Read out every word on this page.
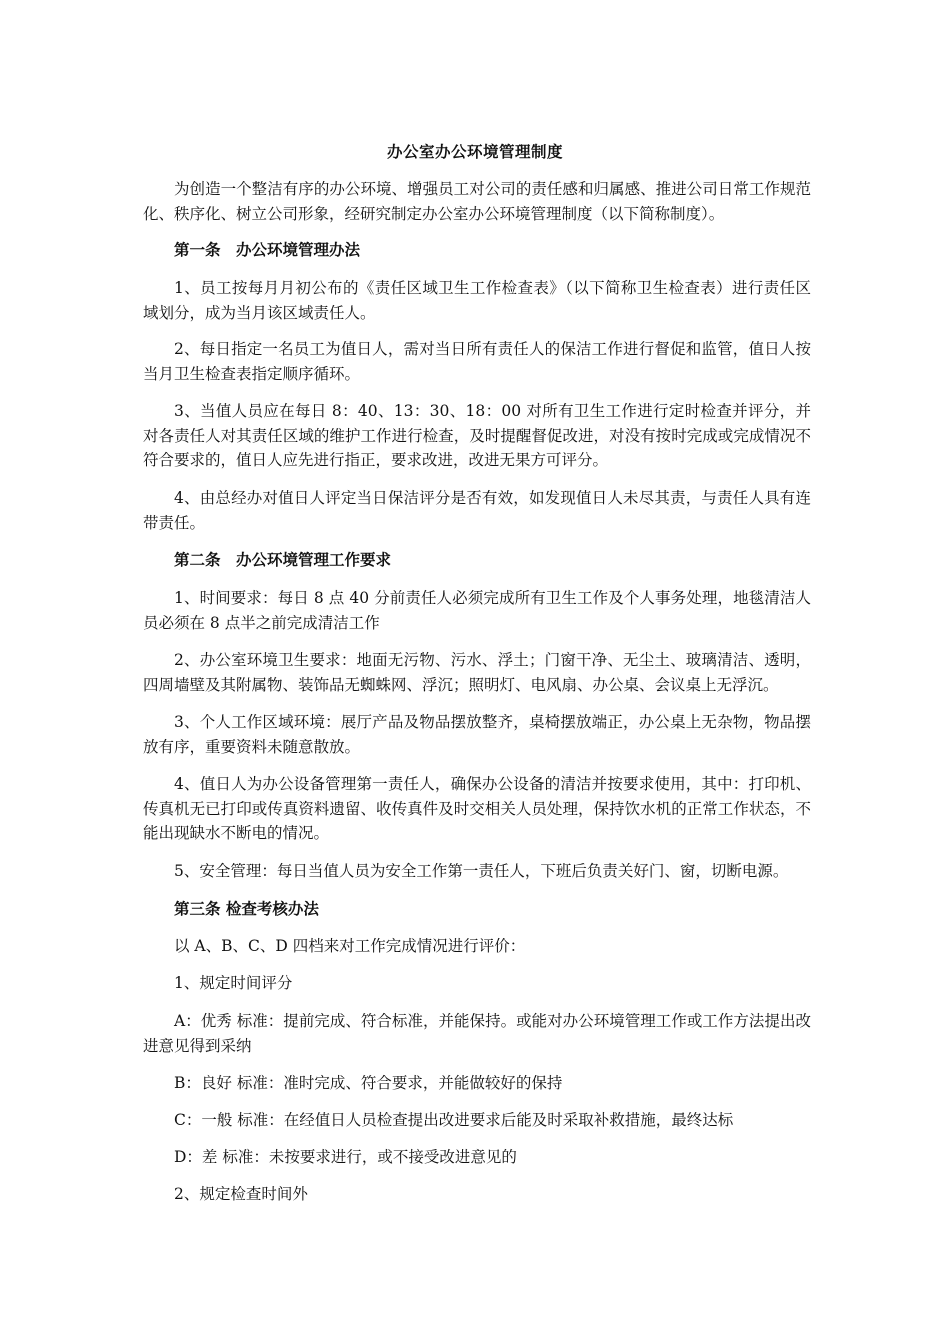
办公室办公环境管理制度

为创造一个整洁有序的办公环境、增强员工对公司的责任感和归属感、推进公司日常工作规范化、秩序化、树立公司形象，经研究制定办公室办公环境管理制度（以下简称制度）。

第一条　办公环境管理办法

1、员工按每月月初公布的《责任区域卫生工作检查表》（以下简称卫生检查表）进行责任区域划分，成为当月该区域责任人。

2、每日指定一名员工为值日人，需对当日所有责任人的保洁工作进行督促和监管，值日人按当月卫生检查表指定顺序循环。

3、当值人员应在每日 8：40、13：30、18：00 对所有卫生工作进行定时检查并评分，并对各责任人对其责任区域的维护工作进行检查，及时提醒督促改进，对没有按时完成或完成情况不符合要求的，值日人应先进行指正，要求改进，改进无果方可评分。

4、由总经办对值日人评定当日保洁评分是否有效，如发现值日人未尽其责，与责任人具有连带责任。

第二条　办公环境管理工作要求

1、时间要求：每日 8 点 40 分前责任人必须完成所有卫生工作及个人事务处理，地毯清洁人员必须在 8 点半之前完成清洁工作

2、办公室环境卫生要求：地面无污物、污水、浮土；门窗干净、无尘土、玻璃清洁、透明，四周墙壁及其附属物、装饰品无蜘蛛网、浮沉；照明灯、电风扇、办公桌、会议桌上无浮沉。

3、个人工作区域环境：展厅产品及物品摆放整齐，桌椅摆放端正，办公桌上无杂物，物品摆放有序，重要资料未随意散放。

4、值日人为办公设备管理第一责任人，确保办公设备的清洁并按要求使用，其中：打印机、传真机无已打印或传真资料遗留、收传真件及时交相关人员处理，保持饮水机的正常工作状态，不能出现缺水不断电的情况。

5、安全管理：每日当值人员为安全工作第一责任人，下班后负责关好门、窗，切断电源。

第三条 检查考核办法

以 A、B、C、D 四档来对工作完成情况进行评价：

1、规定时间评分

A：优秀 标准：提前完成、符合标准，并能保持。或能对办公环境管理工作或工作方法提出改进意见得到采纳

B：良好 标准：准时完成、符合要求，并能做较好的保持

C：一般 标准：在经值日人员检查提出改进要求后能及时采取补救措施，最终达标

D：差 标准：未按要求进行，或不接受改进意见的

2、规定检查时间外
